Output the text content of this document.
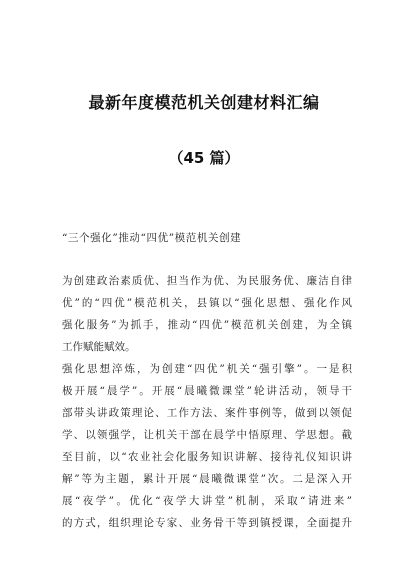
最新年度模范机关创建材料汇编
（45 篇）
“三个强化”推动“四优”模范机关创建
为创建政治素质优、担当作为优、为民服务优、廉洁自律
优”的“四优”模范机关，县镇以“强化思想、强化作风
强化服务”为抓手，推动“四优”模范机关创建，为全镇
工作赋能赋效。
强化思想淬炼，为创建“四优”机关“强引擎”。一是积
极开展“晨学”。开展“晨曦微课堂”轮讲活动，领导干
部带头讲政策理论、工作方法、案件事例等，做到以领促
学、以领强学，让机关干部在晨学中悟原理、学思想。截
至目前，以“农业社会化服务知识讲解、接待礼仪知识讲
解”等为主题，累计开展“晨曦微课堂”次。二是深入开
展“夜学”。优化“夜学大讲堂”机制，采取“请进来”
的方式，组织理论专家、业务骨干等到镇授课，全面提升
